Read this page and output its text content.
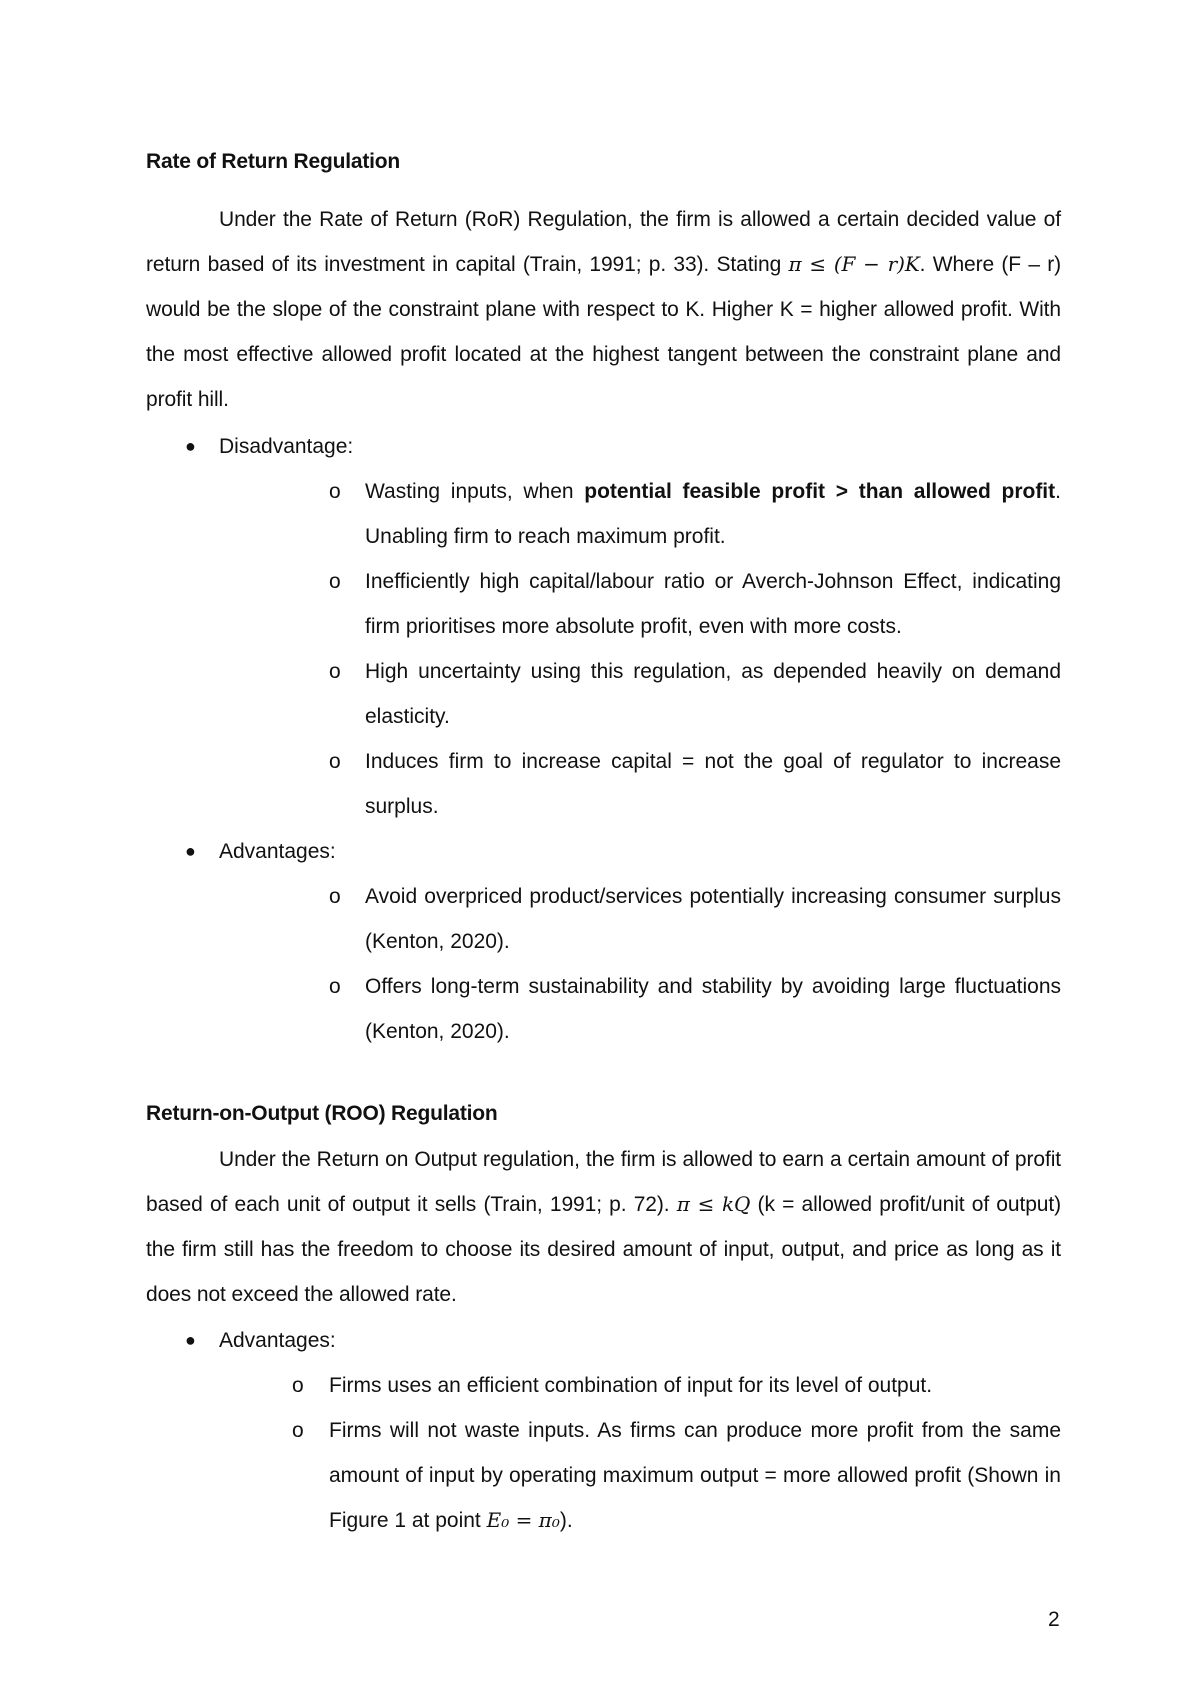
Rate of Return Regulation
Under the Rate of Return (RoR) Regulation, the firm is allowed a certain decided value of return based of its investment in capital (Train, 1991; p. 33). Stating π ≤ (F − r)K. Where (F – r) would be the slope of the constraint plane with respect to K. Higher K = higher allowed profit. With the most effective allowed profit located at the highest tangent between the constraint plane and profit hill.
● Disadvantage:
o Wasting inputs, when potential feasible profit > than allowed profit. Unabling firm to reach maximum profit.
o Inefficiently high capital/labour ratio or Averch-Johnson Effect, indicating firm prioritises more absolute profit, even with more costs.
o High uncertainty using this regulation, as depended heavily on demand elasticity.
o Induces firm to increase capital = not the goal of regulator to increase surplus.
● Advantages:
o Avoid overpriced product/services potentially increasing consumer surplus (Kenton, 2020).
o Offers long-term sustainability and stability by avoiding large fluctuations (Kenton, 2020).
Return-on-Output (ROO) Regulation
Under the Return on Output regulation, the firm is allowed to earn a certain amount of profit based of each unit of output it sells (Train, 1991; p. 72). π ≤ kQ (k = allowed profit/unit of output) the firm still has the freedom to choose its desired amount of input, output, and price as long as it does not exceed the allowed rate.
● Advantages:
o Firms uses an efficient combination of input for its level of output.
o Firms will not waste inputs. As firms can produce more profit from the same amount of input by operating maximum output = more allowed profit (Shown in Figure 1 at point E₀ = π₀).
2
